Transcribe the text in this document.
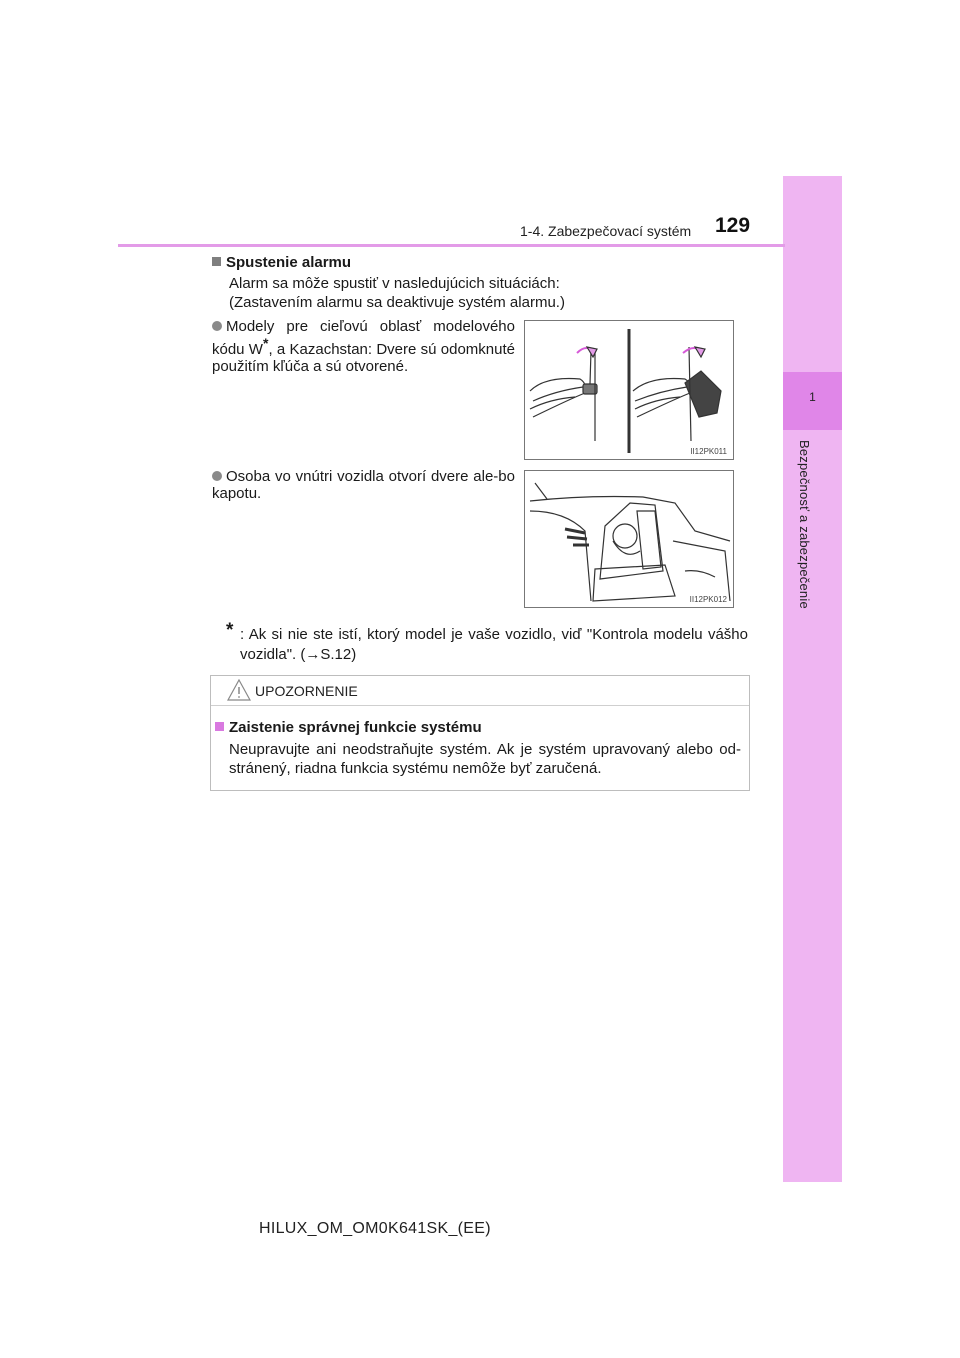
1
Bezpečnosť a zabezpečenie
1-4. Zabezpečovací systém 129
Spustenie alarmu
Alarm sa môže spustiť v nasledujúcich situáciách:
(Zastavením alarmu sa deaktivuje systém alarmu.)
Modely pre cieľovú oblasť modelového kódu W*, a Kazachstan: Dvere sú odomknuté použitím kľúča a sú otvorené.
II12PK011
Osoba vo vnútri vozidla otvorí dvere ale-bo kapotu.
II12PK012
* : Ak si nie ste istí, ktorý model je vaše vozidlo, viď "Kontrola modelu vášho vozidla". (→S.12)
UPOZORNENIE
Zaistenie správnej funkcie systému
Neupravujte ani neodstraňujte systém. Ak je systém upravovaný alebo od-stránený, riadna funkcia systému nemôže byť zaručená.
HILUX_OM_OM0K641SK_(EE)
